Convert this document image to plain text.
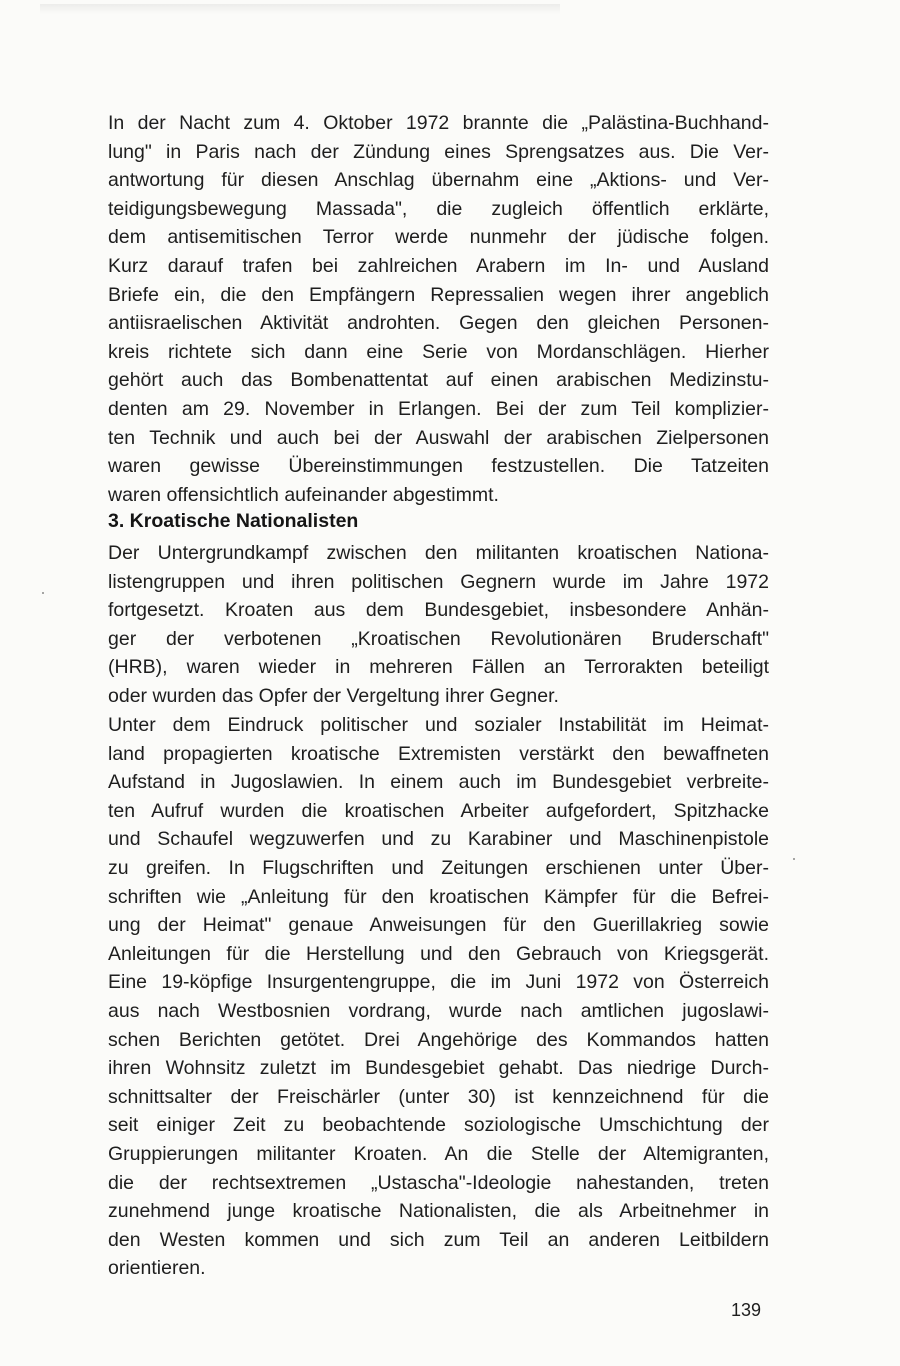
In der Nacht zum 4. Oktober 1972 brannte die „Palästina-Buchhand-
lung" in Paris nach der Zündung eines Sprengsatzes aus. Die Ver-
antwortung für diesen Anschlag übernahm eine „Aktions- und Ver-
teidigungsbewegung Massada", die zugleich öffentlich erklärte,
dem antisemitischen Terror werde nunmehr der jüdische folgen.
Kurz darauf trafen bei zahlreichen Arabern im In- und Ausland
Briefe ein, die den Empfängern Repressalien wegen ihrer angeblich
antiisraelischen Aktivität androhten. Gegen den gleichen Personen-
kreis richtete sich dann eine Serie von Mordanschlägen. Hierher
gehört auch das Bombenattentat auf einen arabischen Medizinstu-
denten am 29. November in Erlangen. Bei der zum Teil komplizier-
ten Technik und auch bei der Auswahl der arabischen Zielpersonen
waren gewisse Übereinstimmungen festzustellen. Die Tatzeiten
waren offensichtlich aufeinander abgestimmt.
3. Kroatische Nationalisten
Der Untergrundkampf zwischen den militanten kroatischen Nationa-
listengruppen und ihren politischen Gegnern wurde im Jahre 1972
fortgesetzt. Kroaten aus dem Bundesgebiet, insbesondere Anhän-
ger der verbotenen „Kroatischen Revolutionären Bruderschaft"
(HRB), waren wieder in mehreren Fällen an Terrorakten beteiligt
oder wurden das Opfer der Vergeltung ihrer Gegner.
Unter dem Eindruck politischer und sozialer Instabilität im Heimat-
land propagierten kroatische Extremisten verstärkt den bewaffneten
Aufstand in Jugoslawien. In einem auch im Bundesgebiet verbreite-
ten Aufruf wurden die kroatischen Arbeiter aufgefordert, Spitzhacke
und Schaufel wegzuwerfen und zu Karabiner und Maschinenpistole
zu greifen. In Flugschriften und Zeitungen erschienen unter Über-
schriften wie „Anleitung für den kroatischen Kämpfer für die Befrei-
ung der Heimat" genaue Anweisungen für den Guerillakrieg sowie
Anleitungen für die Herstellung und den Gebrauch von Kriegsgerät.
Eine 19-köpfige Insurgentengruppe, die im Juni 1972 von Österreich
aus nach Westbosnien vordrang, wurde nach amtlichen jugoslawi-
schen Berichten getötet. Drei Angehörige des Kommandos hatten
ihren Wohnsitz zuletzt im Bundesgebiet gehabt. Das niedrige Durch-
schnittsalter der Freischärler (unter 30) ist kennzeichnend für die
seit einiger Zeit zu beobachtende soziologische Umschichtung der
Gruppierungen militanter Kroaten. An die Stelle der Altemigranten,
die der rechtsextremen „Ustascha"-Ideologie nahestanden, treten
zunehmend junge kroatische Nationalisten, die als Arbeitnehmer in
den Westen kommen und sich zum Teil an anderen Leitbildern
orientieren.
139
